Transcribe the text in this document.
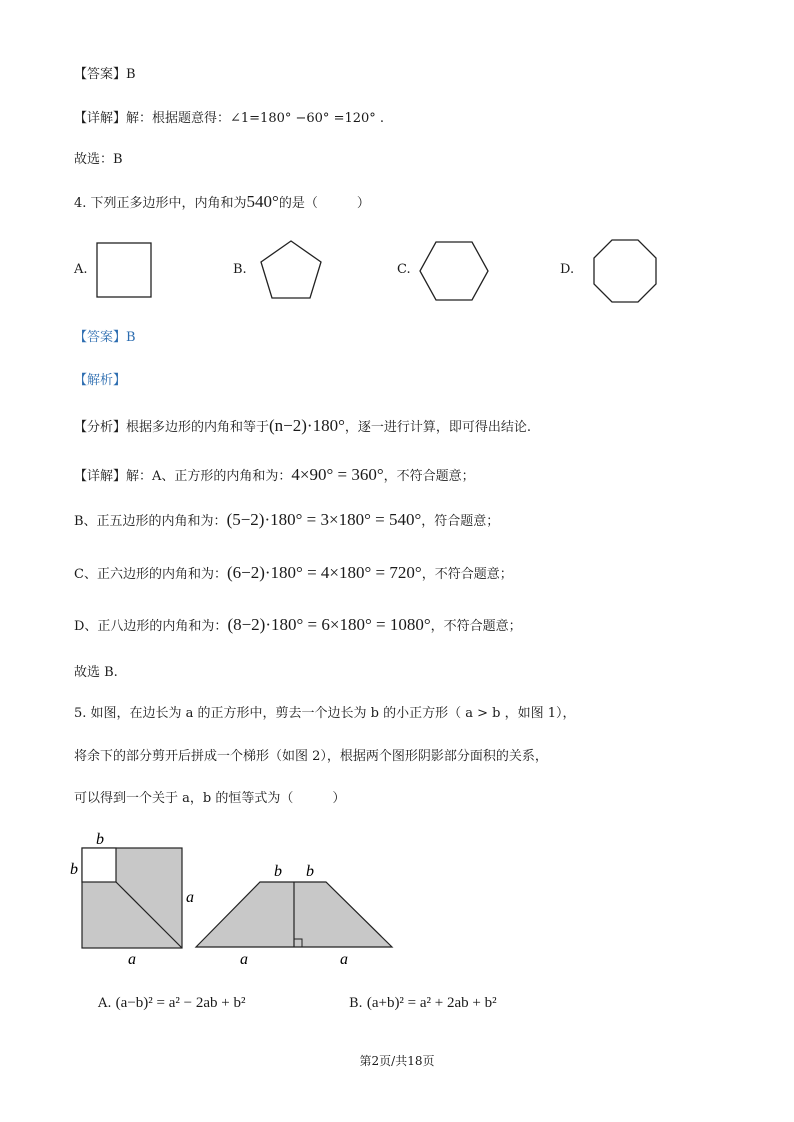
【答案】B
【详解】解：根据题意得：∠1=180° −60° =120° .
故选：B
4. 下列正多边形中，内角和为540°的是（　　　）
A.	B.	C.	D.
【答案】B
【解析】
【分析】根据多边形的内角和等于(n−2)·180°，逐一进行计算，即可得出结论.
【详解】解：A、正方形的内角和为：4×90° = 360°，不符合题意；
B、正五边形的内角和为：(5−2)·180° = 3×180° = 540°，符合题意；
C、正六边形的内角和为：(6−2)·180° = 4×180° = 720°，不符合题意；
D、正八边形的内角和为：(8−2)·180° = 6×180° = 1080°，不符合题意；
故选 B.
5. 如图，在边长为 a 的正方形中，剪去一个边长为 b 的小正方形（ a > b ，如图 1），
将余下的部分剪开后拼成一个梯形（如图 2），根据两个图形阴影部分面积的关系，
可以得到一个关于 a，b 的恒等式为（　　　）
b
b
a
a
b b
a	a
A. (a−b)² = a² − 2ab + b²	B. (a+b)² = a² + 2ab + b²
第2页/共18页
